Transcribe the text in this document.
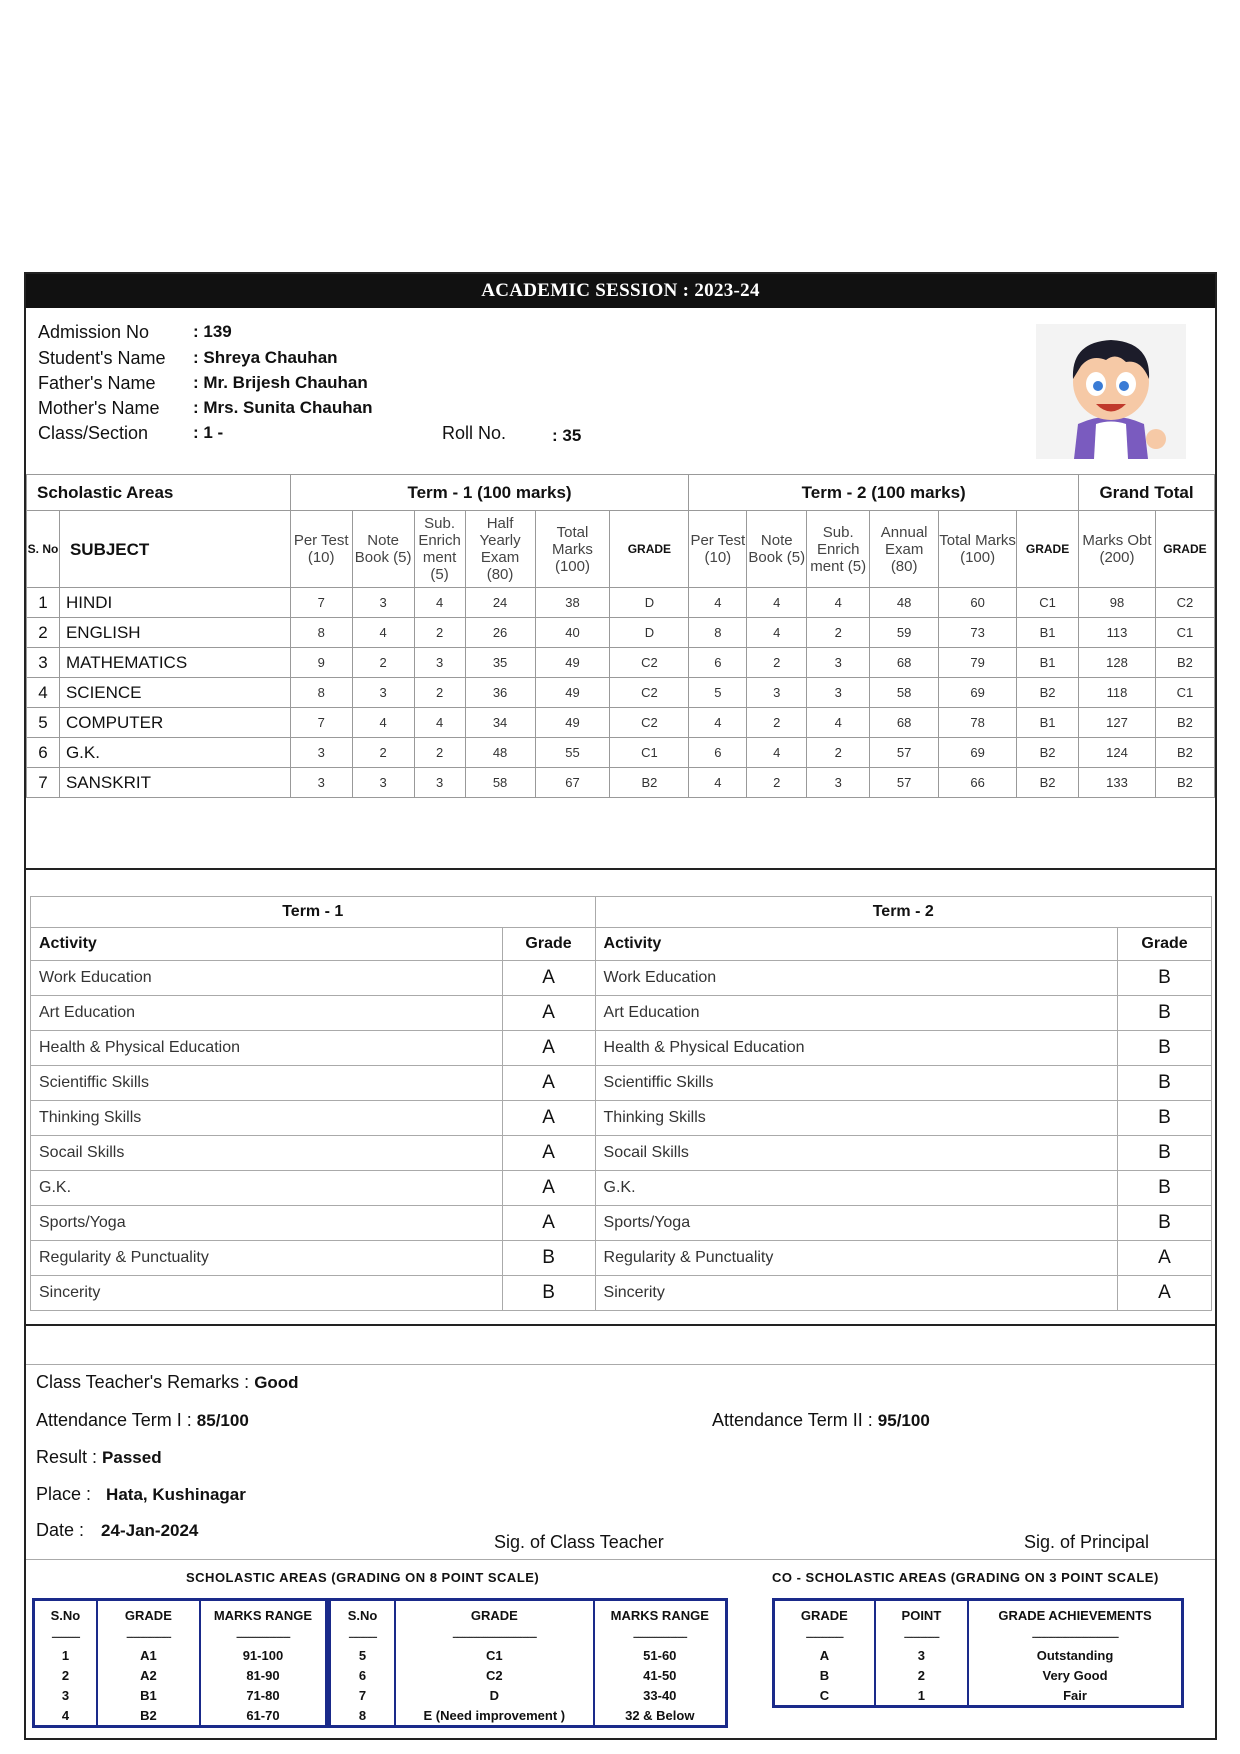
ACADEMIC SESSION : 2023-24
Admission No	: 139
Student's Name : Shreya Chauhan
Father's Name : Mr. Brijesh Chauhan
Mother's Name : Mrs. Sunita Chauhan
Class/Section	: 1 -	Roll No.	: 35
Scholastic Areas		Term - 1 (100 marks)						Term - 2 (100 marks)						Grand Total	
S. No	SUBJECT	Per Test (10)	Note Book (5)	Sub. Enrich ment (5)	Half Yearly Exam (80)	Total Marks (100)	GRADE	Per Test (10)	Note Book (5)	Sub. Enrich ment (5)	Annual Exam (80)	Total Marks (100)	GRADE	Marks Obt (200)	GRADE
1	HINDI	7	3	4	24	38	D	4	4	4	48	60	C1	98	C2
2	ENGLISH	8	4	2	26	40	D	8	4	2	59	73	B1	113	C1
3	MATHEMATICS	9	2	3	35	49	C2	6	2	3	68	79	B1	128	B2
4	SCIENCE	8	3	2	36	49	C2	5	3	3	58	69	B2	118	C1
5	COMPUTER	7	4	4	34	49	C2	4	2	4	68	78	B1	127	B2
6	G.K.	3	2	2	48	55	C1	6	4	2	57	69	B2	124	B2
7	SANSKRIT	3	3	3	58	67	B2	4	2	3	57	66	B2	133	B2
Term - 1		Term - 2	
Activity	Grade	Activity	Grade
Work Education	A	Work Education	B
Art Education	A	Art Education	B
Health & Physical Education	A	Health & Physical Education	B
Scientiffic Skills	A	Scientiffic Skills	B
Thinking Skills	A	Thinking Skills	B
Socail Skills	A	Socail Skills	B
G.K.	A	G.K.	B
Sports/Yoga	A	Sports/Yoga	B
Regularity & Punctuality	B	Regularity & Punctuality	A
Sincerity	B	Sincerity	A
Class Teacher's Remarks : Good
Attendance Term I : 85/100	Attendance Term II : 95/100
Result : Passed
Place : Hata, Kushinagar
Date : 24-Jan-2024
Sig. of Class Teacher	Sig. of Principal
SCHOLASTIC AREAS (GRADING ON 8 POINT SCALE)	CO - SCHOLASTIC AREAS (GRADING ON 3 POINT SCALE)
S.No	GRADE	MARKS RANGE
------------	-------------------	-----------------------
1	A1	91-100
2	A2	81-90
3	B1	71-80
4	B2	61-70
S.No	GRADE	MARKS RANGE
------------	------------------------------------	-----------------------
5	C1	51-60
6	C2	41-50
7	D	33-40
8	E (Need improvement )	32 & Below
GRADE	POINT	GRADE ACHIEVEMENTS
----------------	---------------	-------------------------------------
A	3	Outstanding
B	2	Very Good
C	1	Fair
